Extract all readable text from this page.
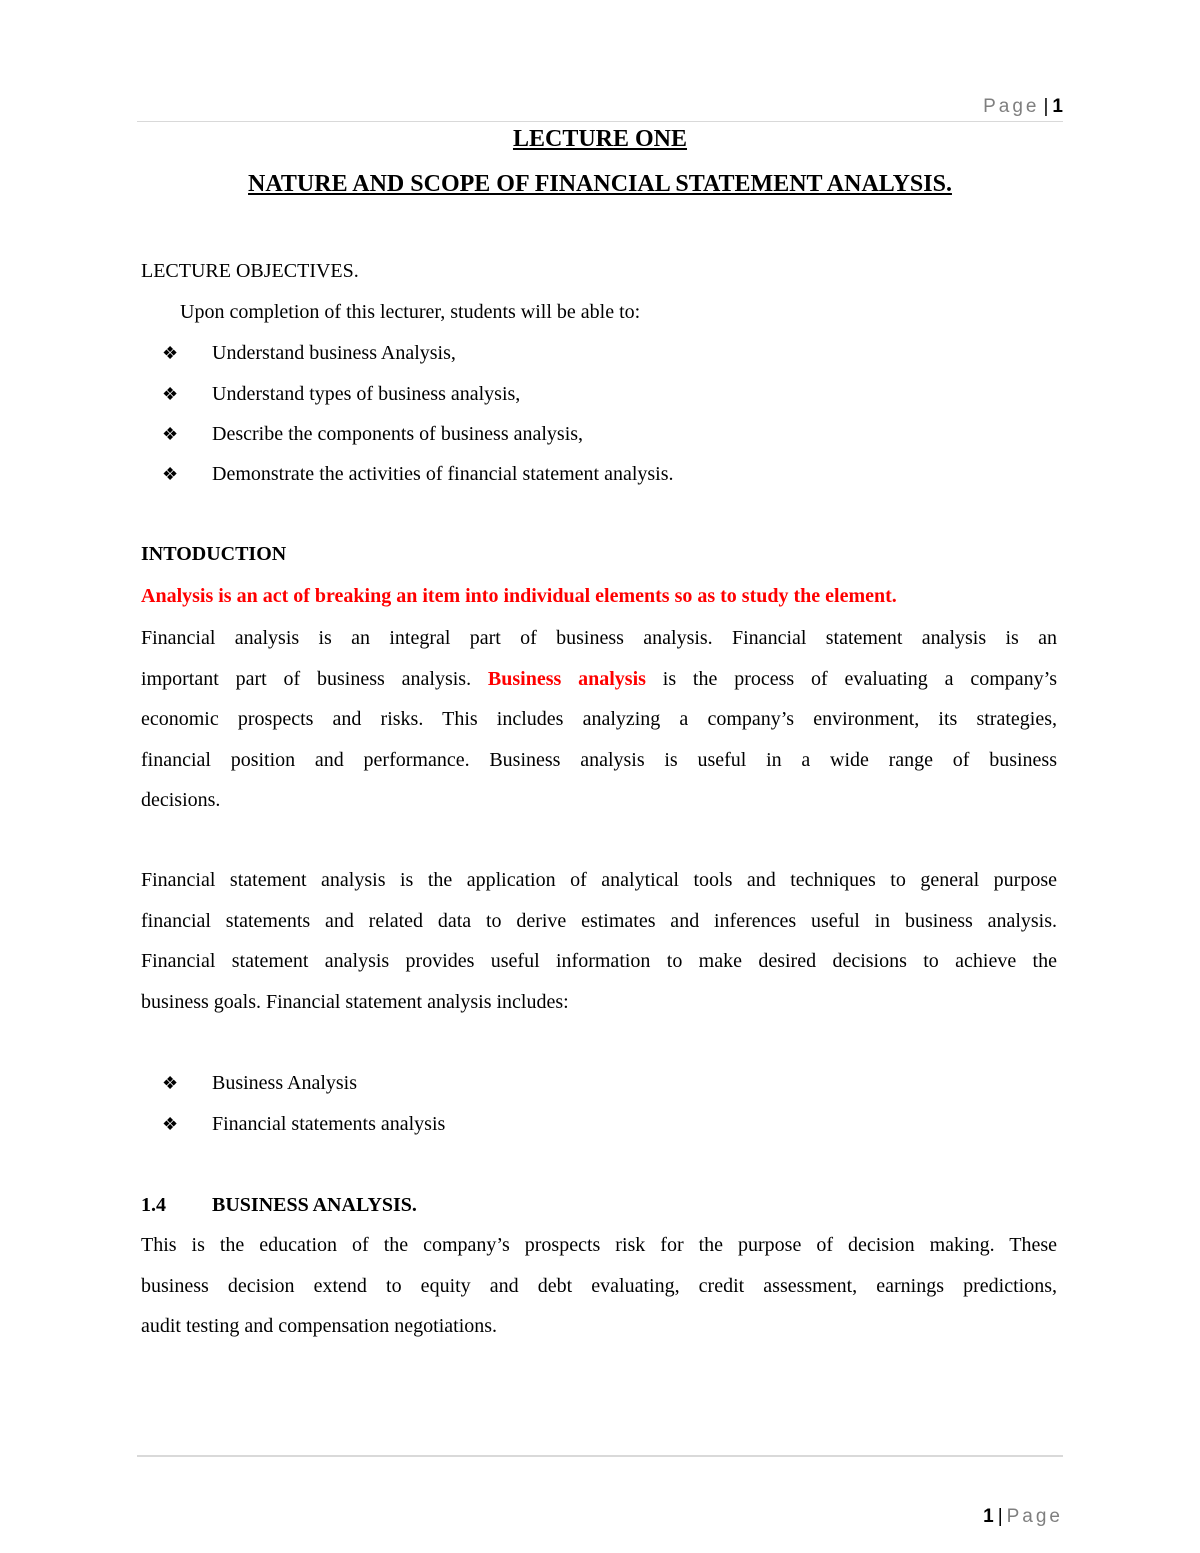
Page | 1
LECTURE ONE
NATURE AND SCOPE OF FINANCIAL STATEMENT ANALYSIS.
LECTURE OBJECTIVES.
Upon completion of this lecturer, students will be able to:
❖ Understand business Analysis,
❖ Understand types of business analysis,
❖ Describe the components of business analysis,
❖ Demonstrate the activities of financial statement analysis.
INTODUCTION
Analysis is an act of breaking an item into individual elements so as to study the element.
Financial analysis is an integral part of business analysis. Financial statement analysis is an
important part of business analysis. Business analysis is the process of evaluating a company’s
economic prospects and risks. This includes analyzing a company’s environment, its strategies,
financial position and performance. Business analysis is useful in a wide range of business
decisions.
Financial statement analysis is the application of analytical tools and techniques to general purpose
financial statements and related data to derive estimates and inferences useful in business analysis.
Financial statement analysis provides useful information to make desired decisions to achieve the
business goals. Financial statement analysis includes:
❖ Business Analysis
❖ Financial statements analysis
1.4 BUSINESS ANALYSIS.
This is the education of the company’s prospects risk for the purpose of decision making. These
business decision extend to equity and debt evaluating, credit assessment, earnings predictions,
audit testing and compensation negotiations.
1 | Page
